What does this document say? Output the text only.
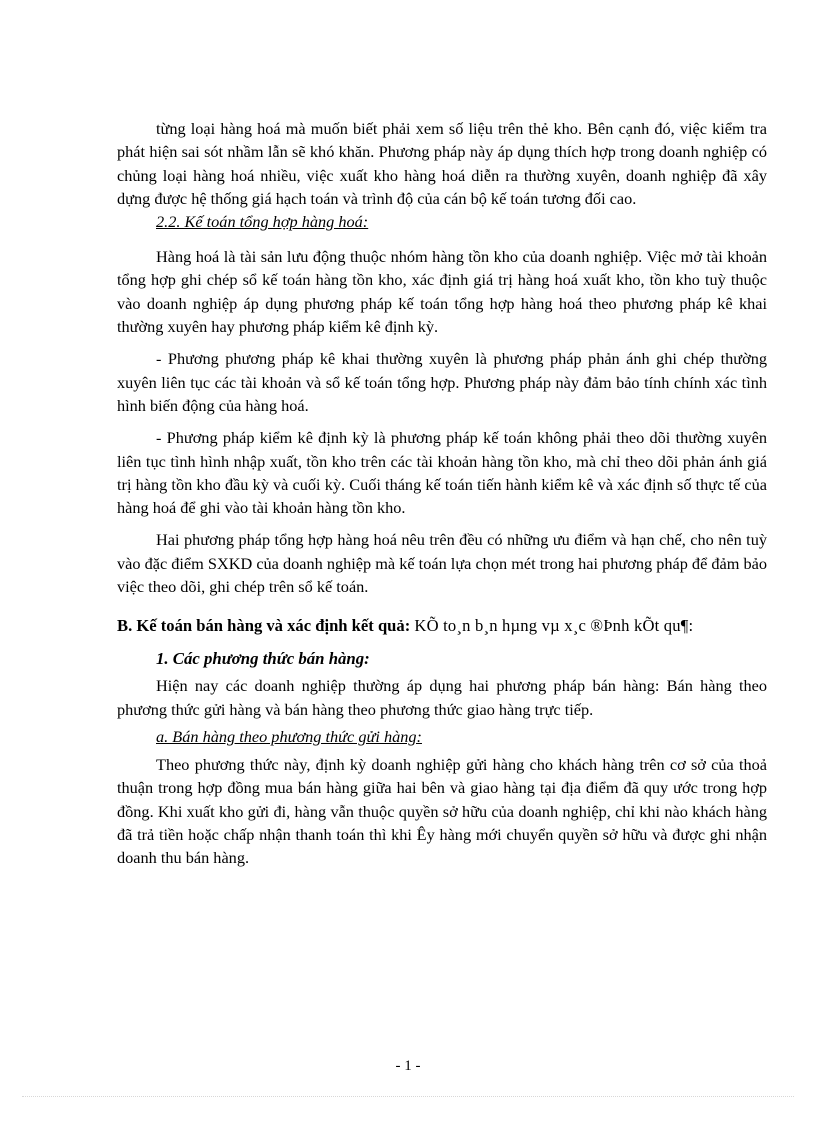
từng loại hàng hoá mà muốn biết phải xem số liệu trên thẻ kho. Bên cạnh đó, việc kiểm tra phát hiện sai sót nhầm lẫn sẽ khó khăn. Phương pháp này áp dụng thích hợp trong doanh nghiệp có chủng loại hàng hoá nhiều, việc xuất kho hàng hoá diễn ra thường xuyên, doanh nghiệp đã xây dựng được hệ thống giá hạch toán và trình độ của cán bộ kế toán tương đối cao.

2.2. Kế toán tổng hợp hàng hoá:

Hàng hoá là tài sản lưu động thuộc nhóm hàng tồn kho của doanh nghiệp. Việc mở tài khoản tổng hợp ghi chép sổ kế toán hàng tồn kho, xác định giá trị hàng hoá xuất kho, tồn kho tuỳ thuộc vào doanh nghiệp áp dụng phương pháp kế toán tổng hợp hàng hoá theo phương pháp kê khai thường xuyên hay phương pháp kiểm kê định kỳ.

- Phương phương pháp kê khai thường xuyên là phương pháp phản ánh ghi chép thường xuyên liên tục các tài khoản và sổ kế toán tổng hợp. Phương pháp này đảm bảo tính chính xác tình hình biến động của hàng hoá.

- Phương pháp kiểm kê định kỳ là phương pháp kế toán không phải theo dõi thường xuyên liên tục tình hình nhập xuất, tồn kho trên các tài khoản hàng tồn kho, mà chỉ theo dõi phản ánh giá trị hàng tồn kho đầu kỳ và cuối kỳ. Cuối tháng kế toán tiến hành kiểm kê và xác định số thực tế của hàng hoá để ghi vào tài khoản hàng tồn kho.

Hai phương pháp tổng hợp hàng hoá nêu trên đều có những ưu điểm và hạn chế, cho nên tuỳ vào đặc điểm SXKD của doanh nghiệp mà kế toán lựa chọn mét trong hai phương pháp để đảm bảo việc theo dõi, ghi chép trên sổ kế toán.

B. Kế toán bán hàng và xác định kết quả: KÕ to¸n b¸n hµng vµ x¸c ®Þnh kÕt qu¶:
1. Các phương thức bán hàng:

Hiện nay các doanh nghiệp thường áp dụng hai phương pháp bán hàng: Bán hàng theo phương thức gửi hàng và bán hàng theo phương thức giao hàng trực tiếp.

a. Bán hàng theo phương thức gửi hàng:

Theo phương thức này, định kỳ doanh nghiệp gửi hàng cho khách hàng trên cơ sở của thoả thuận trong hợp đồng mua bán hàng giữa hai bên và giao hàng tại địa điểm đã quy ước trong hợp đồng. Khi xuất kho gửi đi, hàng vẫn thuộc quyền sở hữu của doanh nghiệp, chỉ khi nào khách hàng đã trả tiền hoặc chấp nhận thanh toán thì khi Êy hàng mới chuyển quyền sở hữu và được ghi nhận doanh thu bán hàng.

- 1 -
